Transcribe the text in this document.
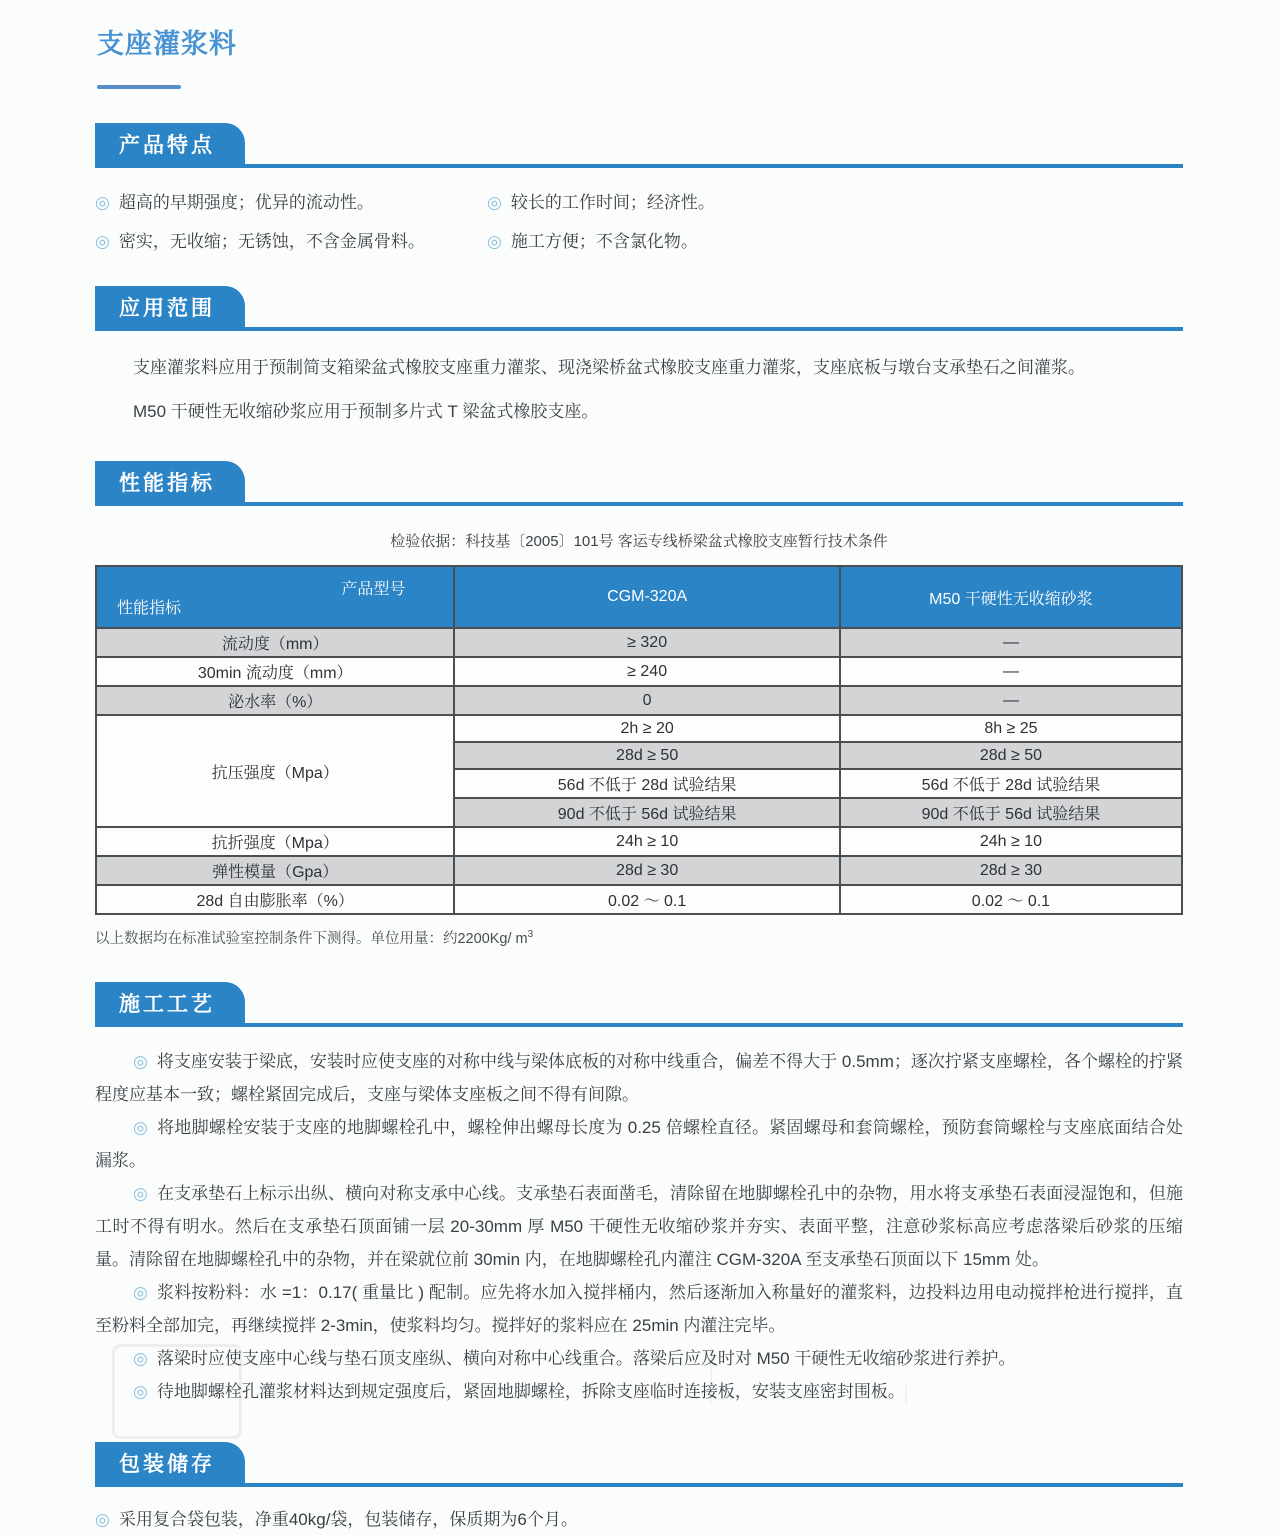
支座灌浆料
产品特点
◎ 超高的早期强度；优异的流动性。	◎ 较长的工作时间；经济性。
◎ 密实，无收缩；无锈蚀，不含金属骨料。	◎ 施工方便；不含氯化物。
应用范围

支座灌浆料应用于预制简支箱梁盆式橡胶支座重力灌浆、现浇梁桥盆式橡胶支座重力灌浆，支座底板与墩台支承垫石之间灌浆。

M50 干硬性无收缩砂浆应用于预制多片式 T 梁盆式橡胶支座。

性能指标
检验依据：科技基〔2005〕101号 客运专线桥梁盆式橡胶支座暂行技术条件
产品型号
性能指标	CGM-320A	M50 干硬性无收缩砂浆
流动度（mm）	≥ 320	—
30min 流动度（mm）	≥ 240	—
泌水率（%）	0	—
抗压强度（Mpa）	2h ≥ 20	8h ≥ 25
	28d ≥ 50	28d ≥ 50
	56d 不低于 28d 试验结果	56d 不低于 28d 试验结果
	90d 不低于 56d 试验结果	90d 不低于 56d 试验结果
抗折强度（Mpa）	24h ≥ 10	24h ≥ 10
弹性模量（Gpa）	28d ≥ 30	28d ≥ 30
28d 自由膨胀率（%）	0.02 ～ 0.1	0.02 ～ 0.1
以上数据均在标准试验室控制条件下测得。单位用量：约2200Kg/ $m^3$
施工工艺

◎ 将支座安装于梁底，安装时应使支座的对称中线与梁体底板的对称中线重合，偏差不得大于 0.5mm；逐次拧紧支座螺栓，各个螺栓的拧紧程度应基本一致；螺栓紧固完成后，支座与梁体支座板之间不得有间隙。

◎ 将地脚螺栓安装于支座的地脚螺栓孔中，螺栓伸出螺母长度为 0.25 倍螺栓直径。紧固螺母和套筒螺栓，预防套筒螺栓与支座底面结合处漏浆。

◎ 在支承垫石上标示出纵、横向对称支承中心线。支承垫石表面凿毛，清除留在地脚螺栓孔中的杂物，用水将支承垫石表面浸湿饱和，但施工时不得有明水。然后在支承垫石顶面铺一层 20-30mm 厚 M50 干硬性无收缩砂浆并夯实、表面平整，注意砂浆标高应考虑落梁后砂浆的压缩量。清除留在地脚螺栓孔中的杂物，并在梁就位前 30min 内，在地脚螺栓孔内灌注 CGM-320A 至支承垫石顶面以下 15mm 处。

◎ 浆料按粉料：水 =1：0.17( 重量比 ) 配制。应先将水加入搅拌桶内，然后逐渐加入称量好的灌浆料，边投料边用电动搅拌枪进行搅拌，直至粉料全部加完，再继续搅拌 2-3min，使浆料均匀。搅拌好的浆料应在 25min 内灌注完毕。

◎ 落梁时应使支座中心线与垫石顶支座纵、横向对称中心线重合。落梁后应及时对 M50 干硬性无收缩砂浆进行养护。

◎ 待地脚螺栓孔灌浆材料达到规定强度后，紧固地脚螺栓，拆除支座临时连接板，安装支座密封围板。

包装储存

◎ 采用复合袋包装，净重40kg/袋，包装储存，保质期为6个月。
